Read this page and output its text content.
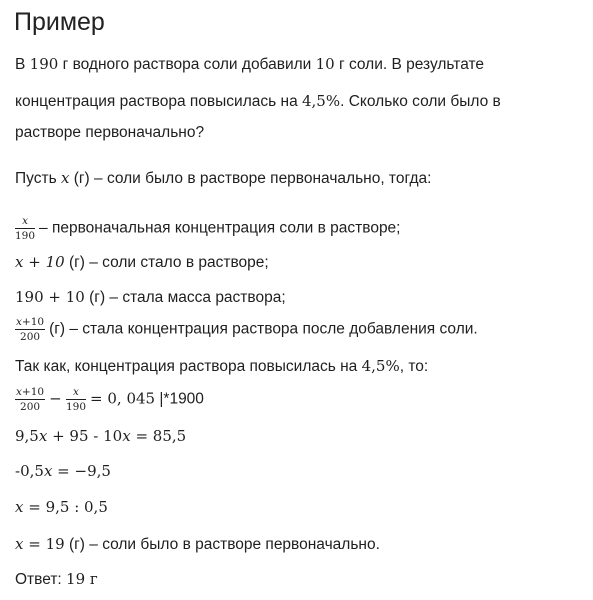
Пример
В 190 г водного раствора соли добавили 10 г соли. В результате
концентрация раствора повысилась на 4,5%. Сколько соли было в
растворе первоначально?
Пусть x (г) – соли было в растворе первоначально, тогда:
$\frac{x}{190}$ – первоначальная концентрация соли в растворе;
x + 10 (г) – соли стало в растворе;
190 + 10 (г) – стала масса раствора;
$\frac{x+10}{200} (г)$ – стала концентрация раствора после добавления соли.
Так как, концентрация раствора повысилась на 4,5%, то:
$\frac{x+10}{200} - \frac{x}{190} = 0$, 045 |*1900
9,5x + 95 - 10x = 85,5
-0,5x = −9,5
x = 9,5 : 0,5
x = 19 (г) – соли было в растворе первоначально.
Ответ: 19 г
